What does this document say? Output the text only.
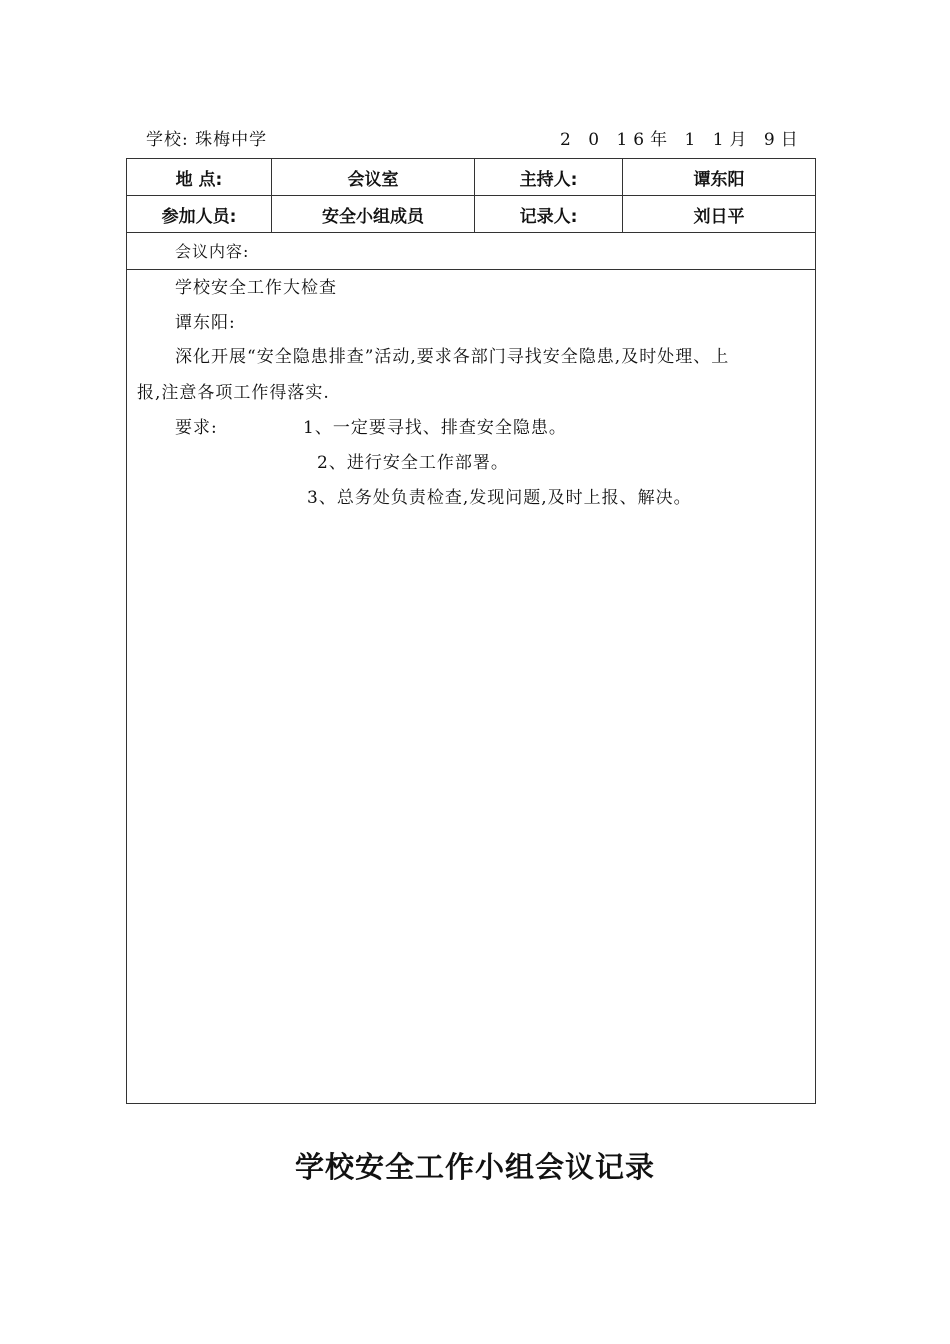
学校: 珠梅中学	2 0 16年 1 1月 9日
地 点:	会议室	主持人:	谭东阳
参加人员:	安全小组成员	记录人:	刘日平
会议内容:
学校安全工作大检查
谭东阳:
深化开展“安全隐患排查”活动,要求各部门寻找安全隐患,及时处理、上
报,注意各项工作得落实.
要求:	1、一定要寻找、排查安全隐患。
2、进行安全工作部署。
3、总务处负责检查,发现问题,及时上报、解决。
学校安全工作小组会议记录
